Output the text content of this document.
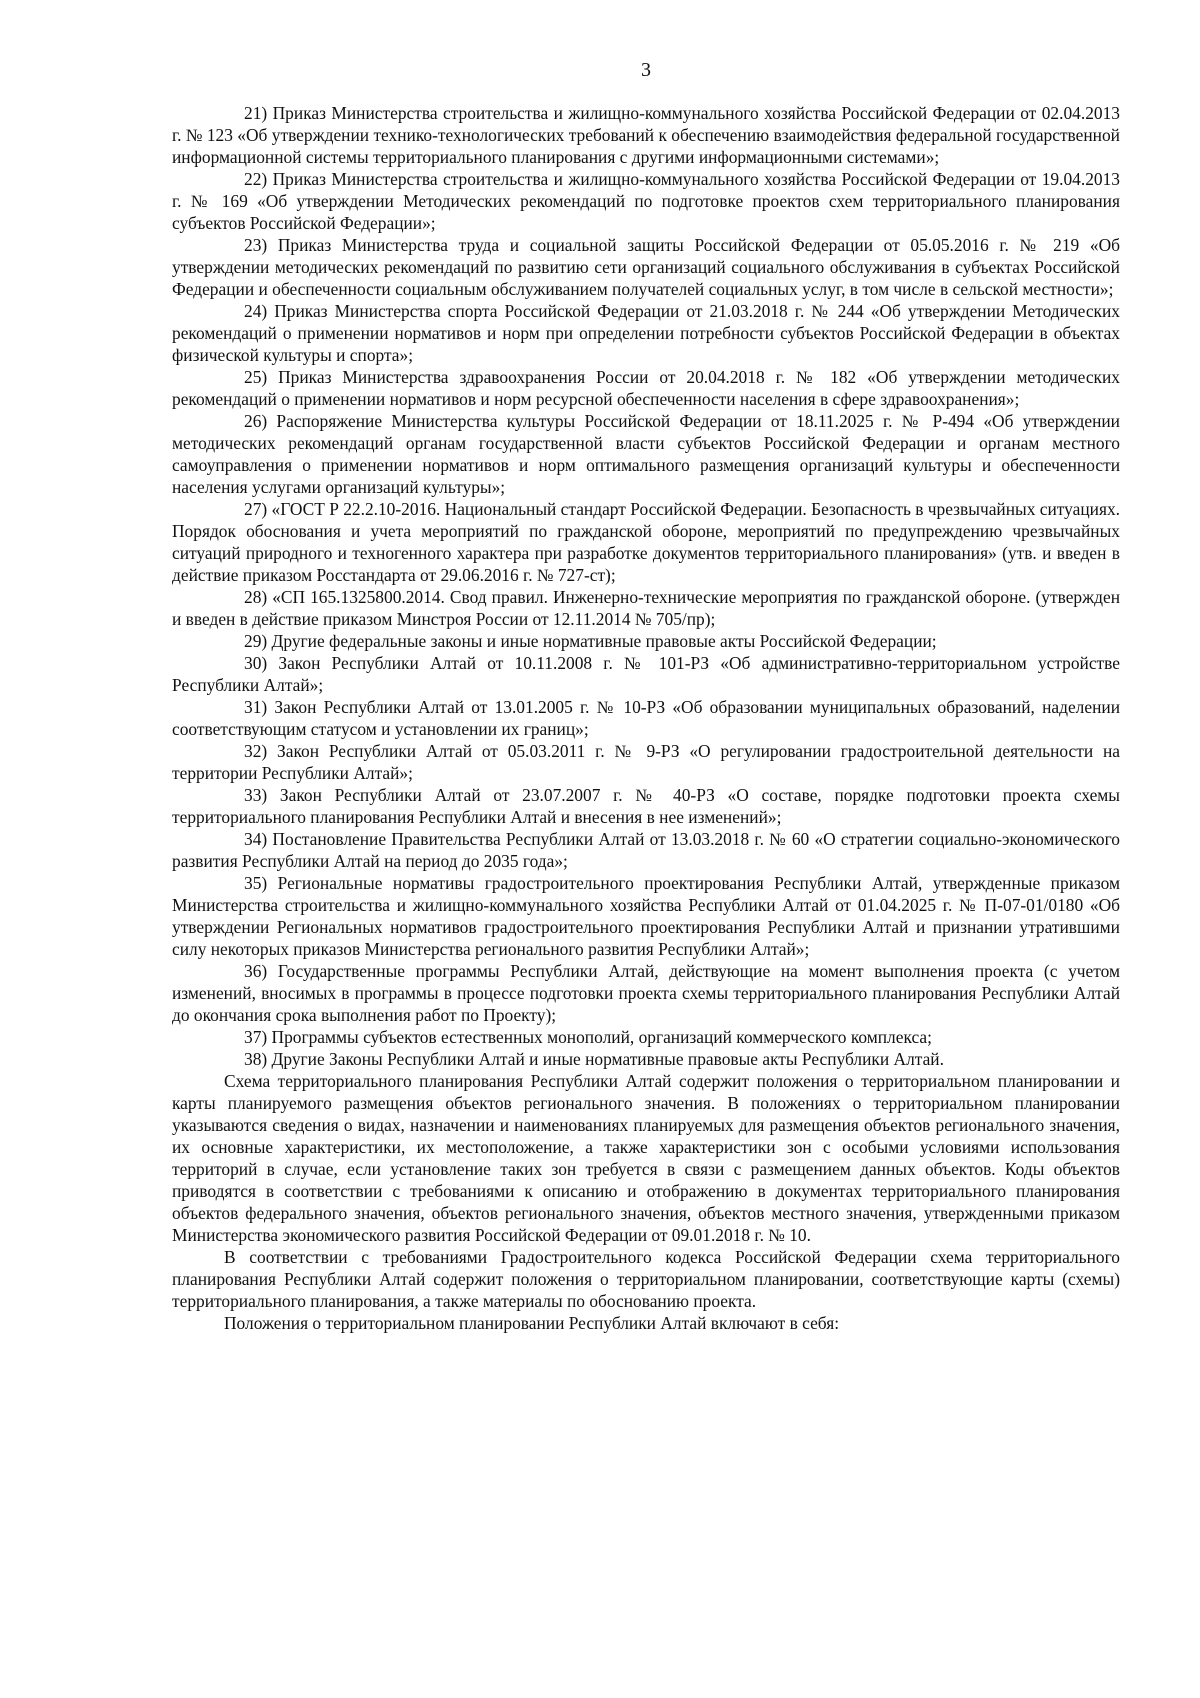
3

21) Приказ Министерства строительства и жилищно-коммунального хозяйства Российской Федерации от 02.04.2013 г. № 123 «Об утверждении технико-технологических требований к обеспечению взаимодействия федеральной государственной информационной системы территориального планирования с другими информационными системами»;

22) Приказ Министерства строительства и жилищно-коммунального хозяйства Российской Федерации от 19.04.2013 г. № 169 «Об утверждении Методических рекомендаций по подготовке проектов схем территориального планирования субъектов Российской Федерации»;

23) Приказ Министерства труда и социальной защиты Российской Федерации от 05.05.2016 г. № 219 «Об утверждении методических рекомендаций по развитию сети организаций социального обслуживания в субъектах Российской Федерации и обеспеченности социальным обслуживанием получателей социальных услуг, в том числе в сельской местности»;

24) Приказ Министерства спорта Российской Федерации от 21.03.2018 г. № 244 «Об утверждении Методических рекомендаций о применении нормативов и норм при определении потребности субъектов Российской Федерации в объектах физической культуры и спорта»;

25) Приказ Министерства здравоохранения России от 20.04.2018 г. № 182 «Об утверждении методических рекомендаций о применении нормативов и норм ресурсной обеспеченности населения в сфере здравоохранения»;

26) Распоряжение Министерства культуры Российской Федерации от 18.11.2025 г. № Р-494 «Об утверждении методических рекомендаций органам государственной власти субъектов Российской Федерации и органам местного самоуправления о применении нормативов и норм оптимального размещения организаций культуры и обеспеченности населения услугами организаций культуры»;

27) «ГОСТ Р 22.2.10-2016. Национальный стандарт Российской Федерации. Безопасность в чрезвычайных ситуациях. Порядок обоснования и учета мероприятий по гражданской обороне, мероприятий по предупреждению чрезвычайных ситуаций природного и техногенного характера при разработке документов территориального планирования» (утв. и введен в действие приказом Росстандарта от 29.06.2016 г. № 727-ст);

28) «СП 165.1325800.2014. Свод правил. Инженерно-технические мероприятия по гражданской обороне. (утвержден и введен в действие приказом Минстроя России от 12.11.2014 № 705/пр);

29) Другие федеральные законы и иные нормативные правовые акты Российской Федерации;

30) Закон Республики Алтай от 10.11.2008 г. № 101-РЗ «Об административно-территориальном устройстве Республики Алтай»;

31) Закон Республики Алтай от 13.01.2005 г. № 10-РЗ «Об образовании муниципальных образований, наделении соответствующим статусом и установлении их границ»;

32) Закон Республики Алтай от 05.03.2011 г. № 9-РЗ «О регулировании градостроительной деятельности на территории Республики Алтай»;

33) Закон Республики Алтай от 23.07.2007 г. № 40-РЗ «О составе, порядке подготовки проекта схемы территориального планирования Республики Алтай и внесения в нее изменений»;

34) Постановление Правительства Республики Алтай от 13.03.2018 г. № 60 «О стратегии социально-экономического развития Республики Алтай на период до 2035 года»;

35) Региональные нормативы градостроительного проектирования Республики Алтай, утвержденные приказом Министерства строительства и жилищно-коммунального хозяйства Республики Алтай от 01.04.2025 г. № П-07-01/0180 «Об утверждении Региональных нормативов градостроительного проектирования Республики Алтай и признании утратившими силу некоторых приказов Министерства регионального развития Республики Алтай»;

36) Государственные программы Республики Алтай, действующие на момент выполнения проекта (с учетом изменений, вносимых в программы в процессе подготовки проекта схемы территориального планирования Республики Алтай до окончания срока выполнения работ по Проекту);

37) Программы субъектов естественных монополий, организаций коммерческого комплекса;

38) Другие Законы Республики Алтай и иные нормативные правовые акты Республики Алтай.

Схема территориального планирования Республики Алтай содержит положения о территориальном планировании и карты планируемого размещения объектов регионального значения. В положениях о территориальном планировании указываются сведения о видах, назначении и наименованиях планируемых для размещения объектов регионального значения, их основные характеристики, их местоположение, а также характеристики зон с особыми условиями использования территорий в случае, если установление таких зон требуется в связи с размещением данных объектов. Коды объектов приводятся в соответствии с требованиями к описанию и отображению в документах территориального планирования объектов федерального значения, объектов регионального значения, объектов местного значения, утвержденными приказом Министерства экономического развития Российской Федерации от 09.01.2018 г. № 10.

В соответствии с требованиями Градостроительного кодекса Российской Федерации схема территориального планирования Республики Алтай содержит положения о территориальном планировании, соответствующие карты (схемы) территориального планирования, а также материалы по обоснованию проекта.

Положения о территориальном планировании Республики Алтай включают в себя:
